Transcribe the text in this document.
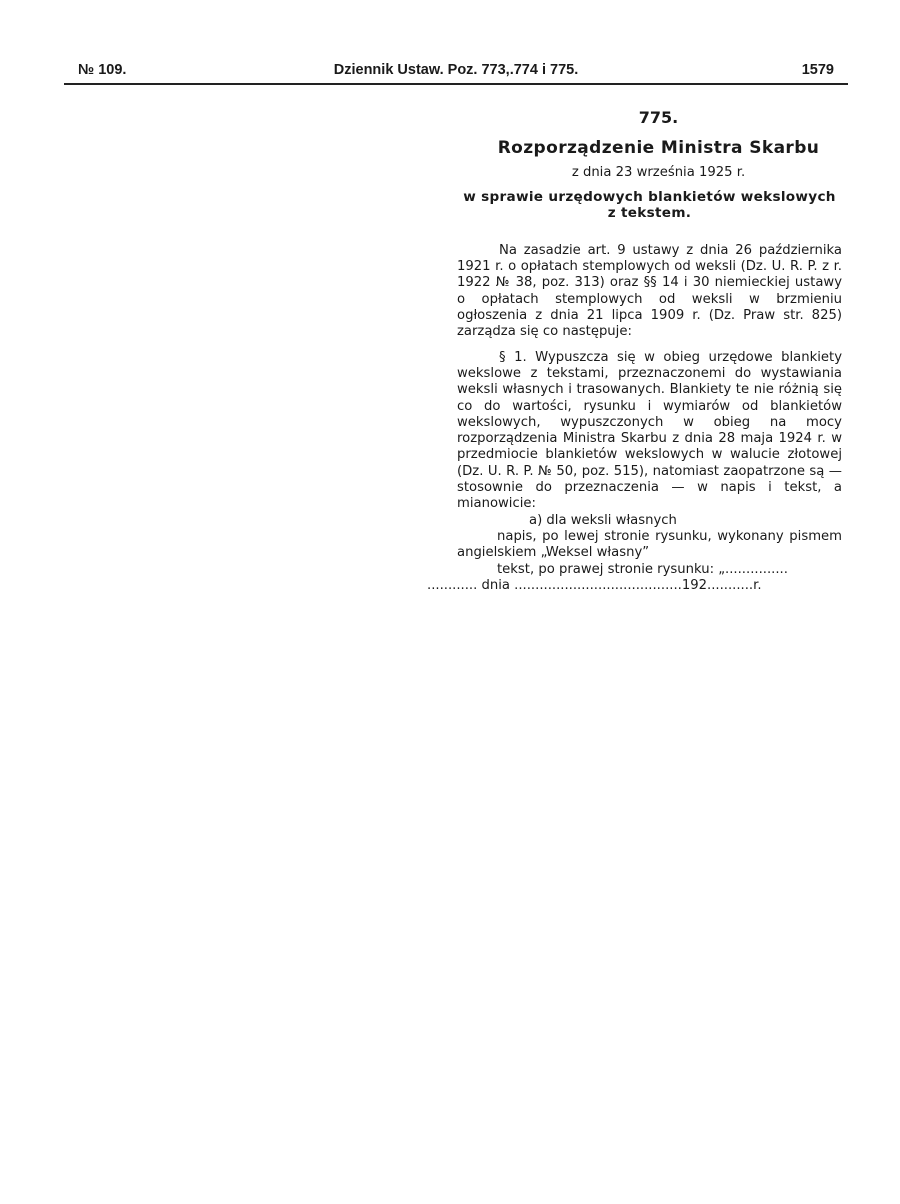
№ 109.	Dziennik Ustaw. Poz. 773,.774 i 775.	1579
775.
Rozporządzenie Ministra Skarbu
z dnia 23 września 1925 r.
w sprawie urzędowych blankietów wekslowych z tekstem.

Na zasadzie art. 9 ustawy z dnia 26 października 1921 r. o opłatach stemplowych od weksli (Dz. U. R. P. z r. 1922 № 38, poz. 313) oraz §§ 14 i 30 niemieckiej ustawy o opłatach stemplowych od weksli w brzmieniu ogłoszenia z dnia 21 lipca 1909 r. (Dz. Praw str. 825) zarządza się co następuje:

§ 1. Wypuszcza się w obieg urzędowe blankiety wekslowe z tekstami, przeznaczonemi do wystawiania weksli własnych i trasowanych. Blankiety te nie różnią się co do wartości, rysunku i wymiarów od blankietów wekslowych, wypuszczonych w obieg na mocy rozporządzenia Ministra Skarbu z dnia 28 maja 1924 r. w przedmiocie blankietów wekslowych w walucie złotowej (Dz. U. R. P. № 50, poz. 515), natomiast zaopatrzone są — stosownie do przeznaczenia — w napis i tekst, a mianowicie:

a) dla weksli własnych

napis, po lewej stronie rysunku, wykonany pismem angielskiem „Weksel własny”

tekst, po prawej stronie rysunku: „...............

............ dnia ........................................192...........r.
